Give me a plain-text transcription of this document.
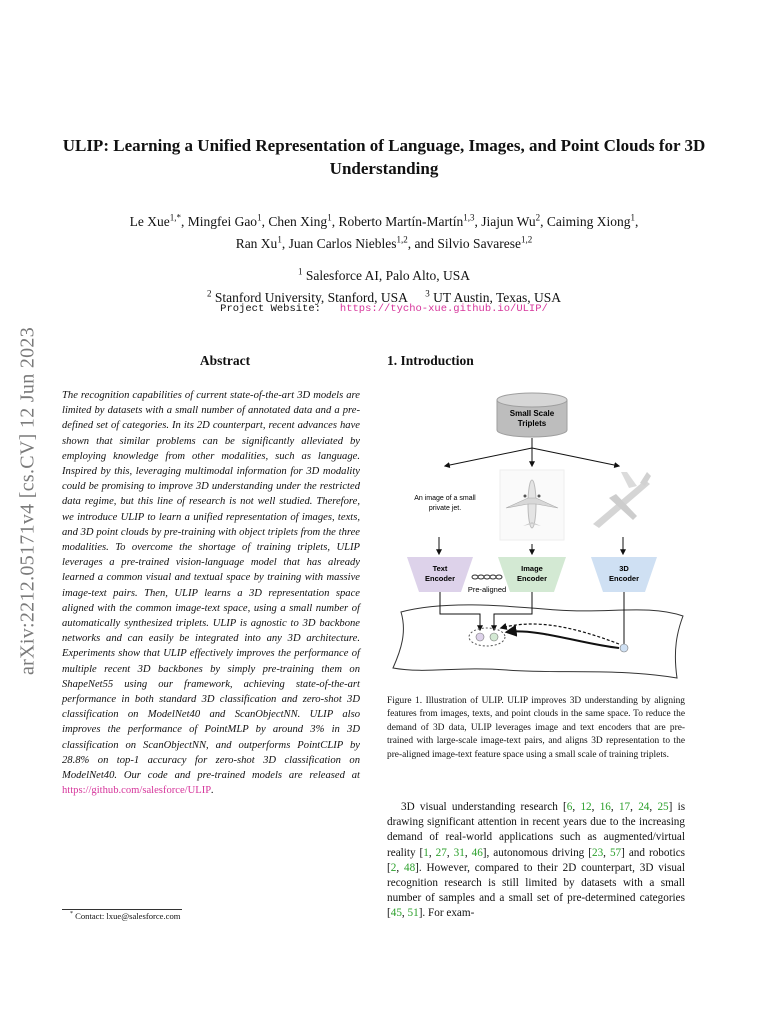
arXiv:2212.05171v4 [cs.CV] 12 Jun 2023
ULIP: Learning a Unified Representation of Language, Images, and Point Clouds for 3D Understanding
Le Xue$^{1,*}$, Mingfei Gao$^1$, Chen Xing$^1$, Roberto Martín-Martín$^{1,3}$, Jiajun Wu$^2$, Caiming Xiong$^1$,
Ran Xu$^1$, Juan Carlos Niebles$^{1,2}$, and Silvio Savarese$^{1,2}$
$^1$ Salesforce AI, Palo Alto, USA
$^2$ Stanford University, Stanford, USA $^3$ UT Austin, Texas, USA
Project Website: https://tycho-xue.github.io/ULIP/
Abstract	1. Introduction
The recognition capabilities of current state-of-the-art 3D models are limited by datasets with a small number of annotated data and a pre-defined set of categories. In its 2D counterpart, recent advances have shown that similar problems can be significantly alleviated by employing knowledge from other modalities, such as language. Inspired by this, leveraging multimodal information for 3D modality could be promising to improve 3D understanding under the restricted data regime, but this line of research is not well studied. Therefore, we introduce ULIP to learn a unified representation of images, texts, and 3D point clouds by pre-training with object triplets from the three modalities. To overcome the shortage of training triplets, ULIP leverages a pre-trained vision-language model that has already learned a common visual and textual space by training with massive image-text pairs. Then, ULIP learns a 3D representation space aligned with the common image-text space, using a small number of automatically synthesized triplets. ULIP is agnostic to 3D backbone networks and can easily be integrated into any 3D architecture. Experiments show that ULIP effectively improves the performance of multiple recent 3D backbones by simply pre-training them on ShapeNet55 using our framework, achieving state-of-the-art performance in both standard 3D classification and zero-shot 3D classification on ModelNet40 and ScanObjectNN. ULIP also improves the performance of PointMLP by around 3% in 3D classification on ScanObjectNN, and outperforms PointCLIP by 28.8% on top-1 accuracy for zero-shot 3D classification on ModelNet40. Our code and pre-trained models are released at https://github.com/salesforce/ULIP.
Small Scale
Triplets
An image of a small
private jet.
Text
Encoder
Image
Encoder
3D
Encoder
Pre-aligned
Figure 1. Illustration of ULIP. ULIP improves 3D understanding by aligning features from images, texts, and point clouds in the same space. To reduce the demand of 3D data, ULIP leverages image and text encoders that are pre-trained with large-scale image-text pairs, and aligns 3D representation to the pre-aligned image-text feature space using a small scale of training triplets.
3D visual understanding research [6, 12, 16, 17, 24, 25] is drawing significant attention in recent years due to the increasing demand of real-world applications such as augmented/virtual reality [1, 27, 31, 46], autonomous driving [23, 57] and robotics [2, 48]. However, compared to their 2D counterpart, 3D visual recognition research is still limited by datasets with a small number of samples and a small set of pre-determined categories [45, 51]. For exam-
* Contact: lxue@salesforce.com
